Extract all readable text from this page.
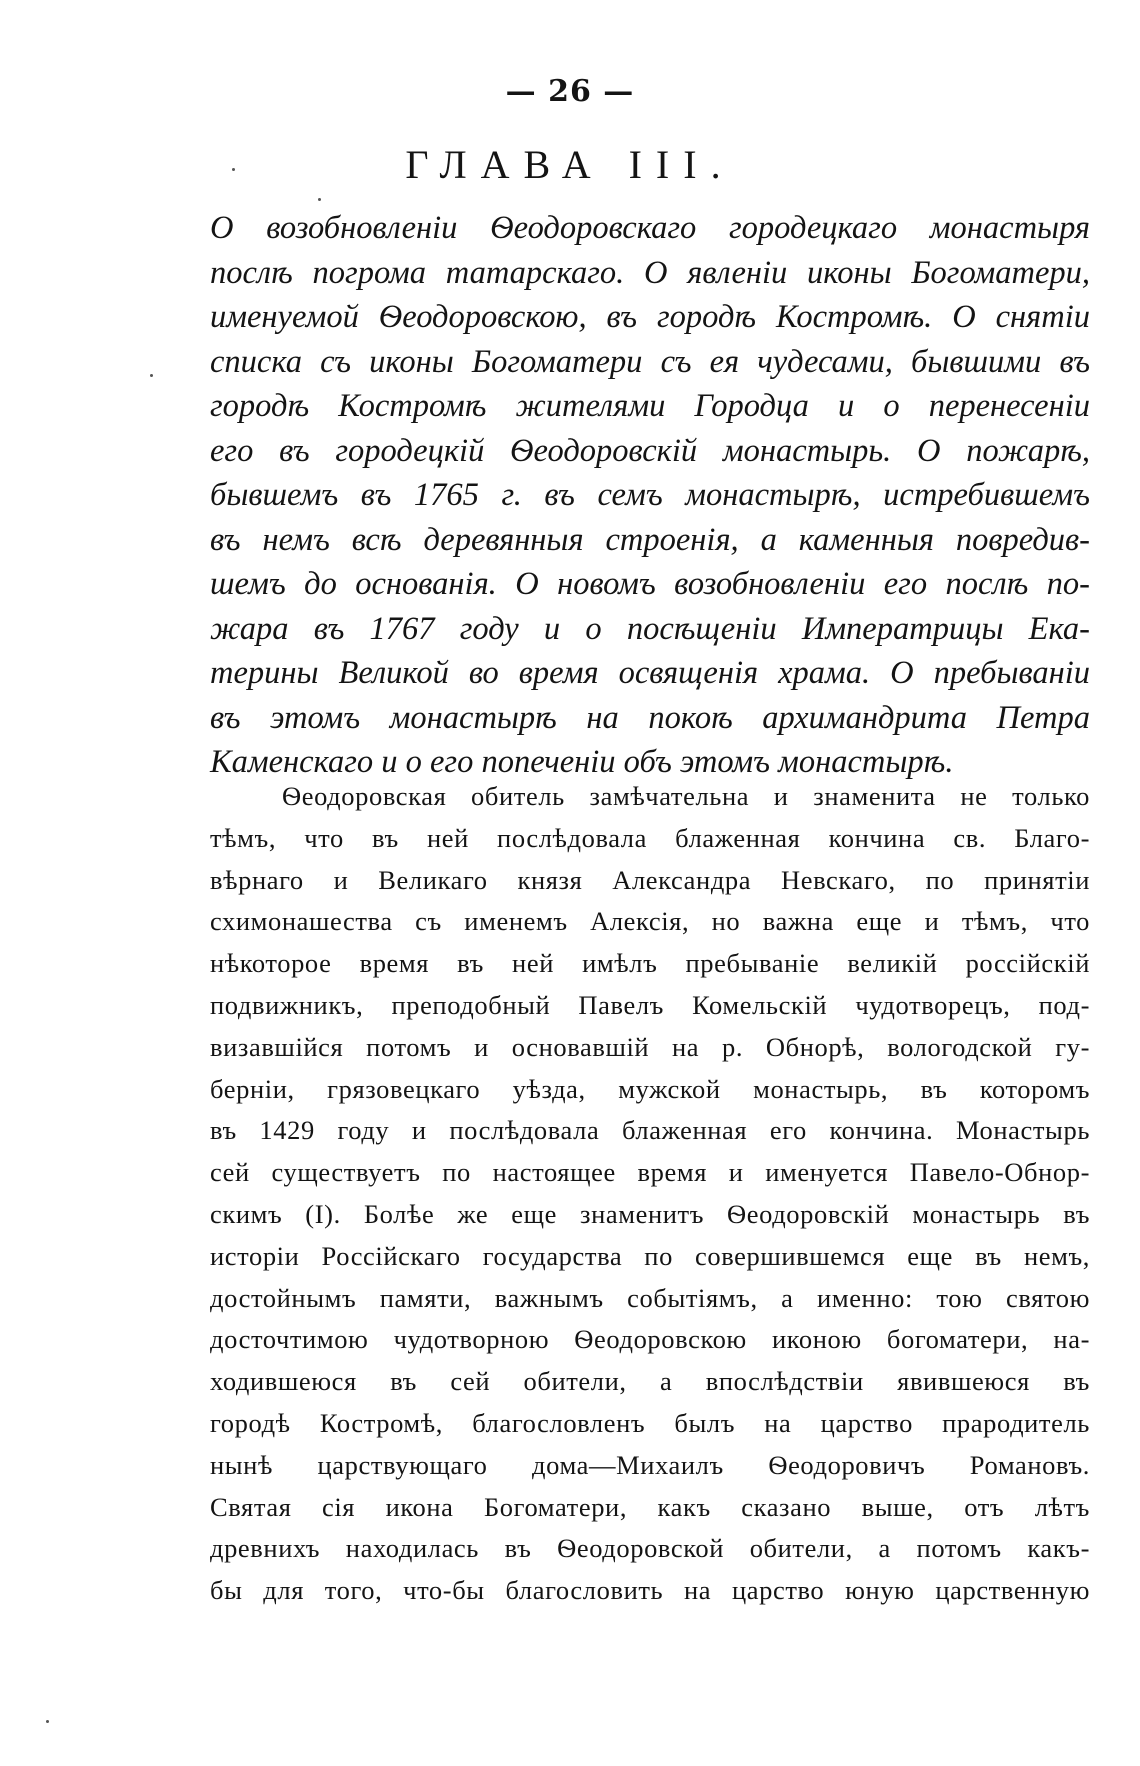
— 26 —
ГЛАВА III.
О возобновленіи Ѳеодоровскаго городецкаго монастыря
послѣ погрома татарскаго. О явленіи иконы Богоматери,
именуемой Ѳеодоровскою, въ городѣ Костромѣ. О снятіи
списка съ иконы Богоматери съ ея чудесами, бывшими въ
городѣ Костромѣ жителями Городца и о перенесеніи
его въ городецкій Ѳеодоровскій монастырь. О пожарѣ,
бывшемъ въ 1765 г. въ семъ монастырѣ, истребившемъ
въ немъ всѣ деревянныя строенія, а каменныя повредив-
шемъ до основанія. О новомъ возобновленіи его послѣ по-
жара въ 1767 году и о посѣщеніи Императрицы Ека-
терины Великой во время освященія храма. О пребываніи
въ этомъ монастырѣ на покоѣ архимандрита Петра
Каменскаго и о его попеченіи объ этомъ монастырѣ.
Ѳеодоровская обитель замѣчательна и знаменита не только
тѣмъ, что въ ней послѣдовала блаженная кончина св. Благо-
вѣрнаго и Великаго князя Александра Невскаго, по принятіи
схимонашества съ именемъ Алексія, но важна еще и тѣмъ, что
нѣкоторое время въ ней имѣлъ пребываніе великій россійскій
подвижникъ, преподобный Павелъ Комельскій чудотворецъ, под-
визавшійся потомъ и основавшій на р. Обнорѣ, вологодской гу-
берніи, грязовецкаго уѣзда, мужской монастырь, въ которомъ
въ 1429 году и послѣдовала блаженная его кончина. Монастырь
сей существуетъ по настоящее время и именуется Павело-Обнор-
скимъ (I). Болѣе же еще знаменитъ Ѳеодоровскій монастырь въ
исторіи Россійскаго государства по совершившемся еще въ немъ,
достойнымъ памяти, важнымъ событіямъ, а именно: тою святою
досточтимою чудотворною Ѳеодоровскою иконою богоматери, на-
ходившеюся въ сей обители, а впослѣдствіи явившеюся въ
городѣ Костромѣ, благословленъ былъ на царство прародитель
нынѣ царствующаго дома—Михаилъ Ѳеодоровичъ Романовъ.
Святая сія икона Богоматери, какъ сказано выше, отъ лѣтъ
древнихъ находилась въ Ѳеодоровской обители, а потомъ какъ-
бы для того, что-бы благословить на царство юную царственную
